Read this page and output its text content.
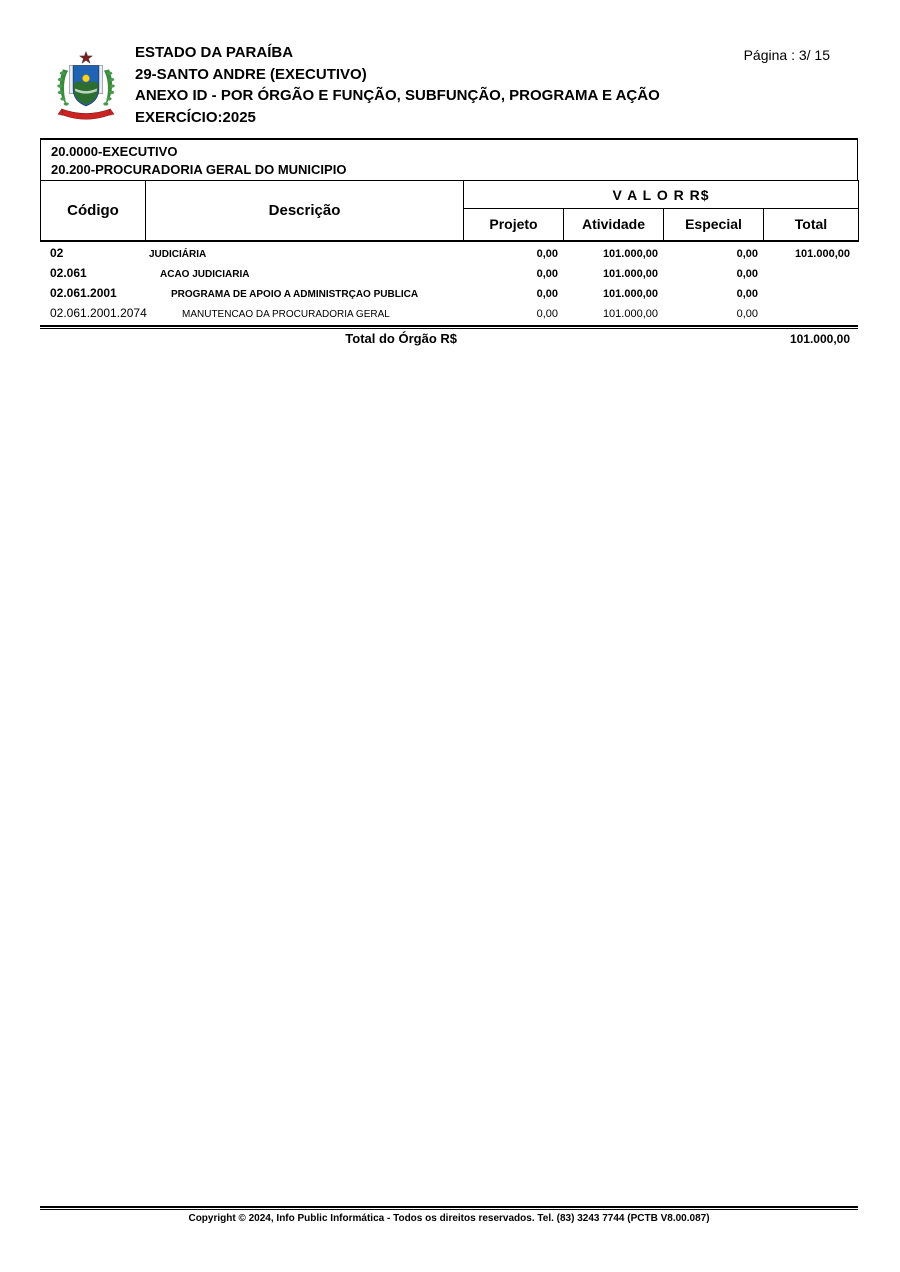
ESTADO DA PARAÍBA
29-SANTO ANDRE (EXECUTIVO)
ANEXO ID - POR ÓRGÃO E FUNÇÃO, SUBFUNÇÃO, PROGRAMA E AÇÃO
EXERCÍCIO:2025
Página : 3/ 15
20.0000-EXECUTIVO
20.200-PROCURADORIA GERAL DO MUNICIPIO
Código	Descrição	V A L O R R$			
		Projeto	Atividade	Especial	Total
02	JUDICIÁRIA	0,00	101.000,00	0,00	101.000,00
02.061	ACAO JUDICIARIA	0,00	101.000,00	0,00
02.061.2001	PROGRAMA DE APOIO A ADMINISTRÇAO PUBLICA	0,00	101.000,00	0,00
02.061.2001.2074	MANUTENCAO DA PROCURADORIA GERAL	0,00	101.000,00	0,00
Total do Órgão R$	101.000,00
Copyright © 2024, Info Public Informática - Todos os direitos reservados. Tel. (83) 3243 7744 (PCTB V8.00.087)
